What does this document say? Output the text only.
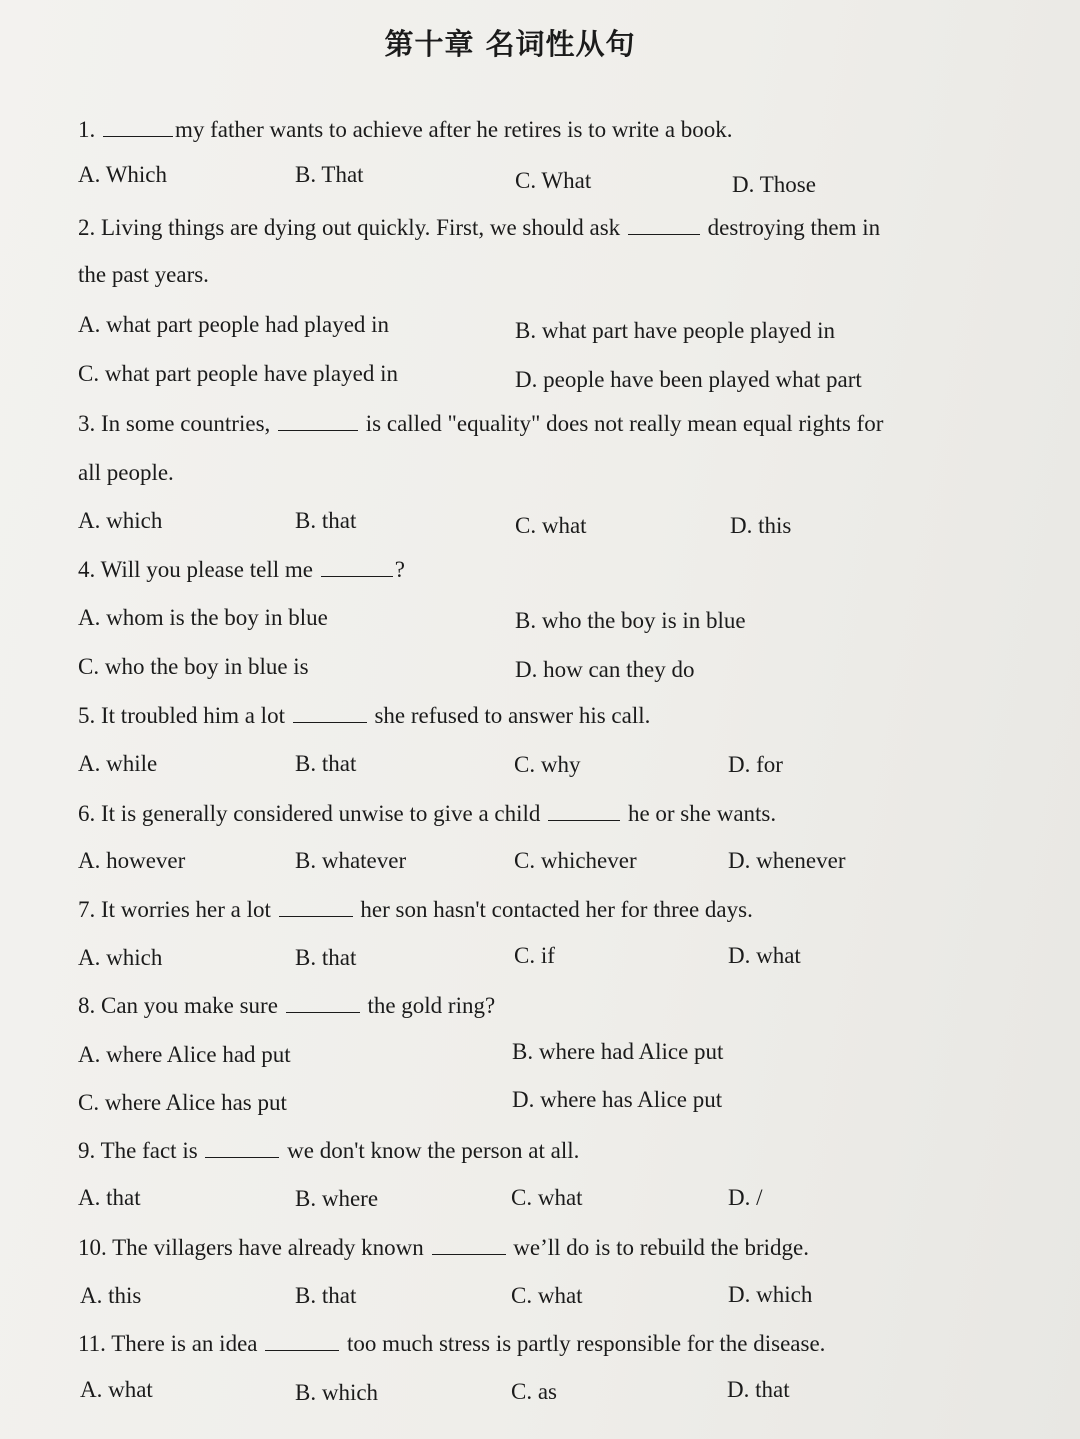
第十章 名词性从句
1.	my father wants to achieve after he retires is to write a book.
A. Which	B. That	C. What	D. Those
2. Living things are dying out quickly. First, we should ask	destroying them in
the past years.
A. what part people had played in	B. what part have people played in
C. what part people have played in	D. people have been played what part
3. In some countries,	is called "equality" does not really mean equal rights for
all people.
A. which	B. that	C. what	D. this
4. Will you please tell me	?
A. whom is the boy in blue	B. who the boy is in blue
C. who the boy in blue is	D. how can they do
5. It troubled him a lot	she refused to answer his call.
A. while	B. that	C. why	D. for
6. It is generally considered unwise to give a child	he or she wants.
A. however	B. whatever	C. whichever	D. whenever
7. It worries her a lot	her son hasn't contacted her for three days.
A. which	B. that	C. if	D. what
8. Can you make sure	the gold ring?
A. where Alice had put	B. where had Alice put
C. where Alice has put	D. where has Alice put
9. The fact is	we don't know the person at all.
A. that	B. where	C. what	D. /
10. The villagers have already known	we’ll do is to rebuild the bridge.
A. this	B. that	C. what	D. which
11. There is an idea	too much stress is partly responsible for the disease.
A. what	B. which	C. as	D. that
